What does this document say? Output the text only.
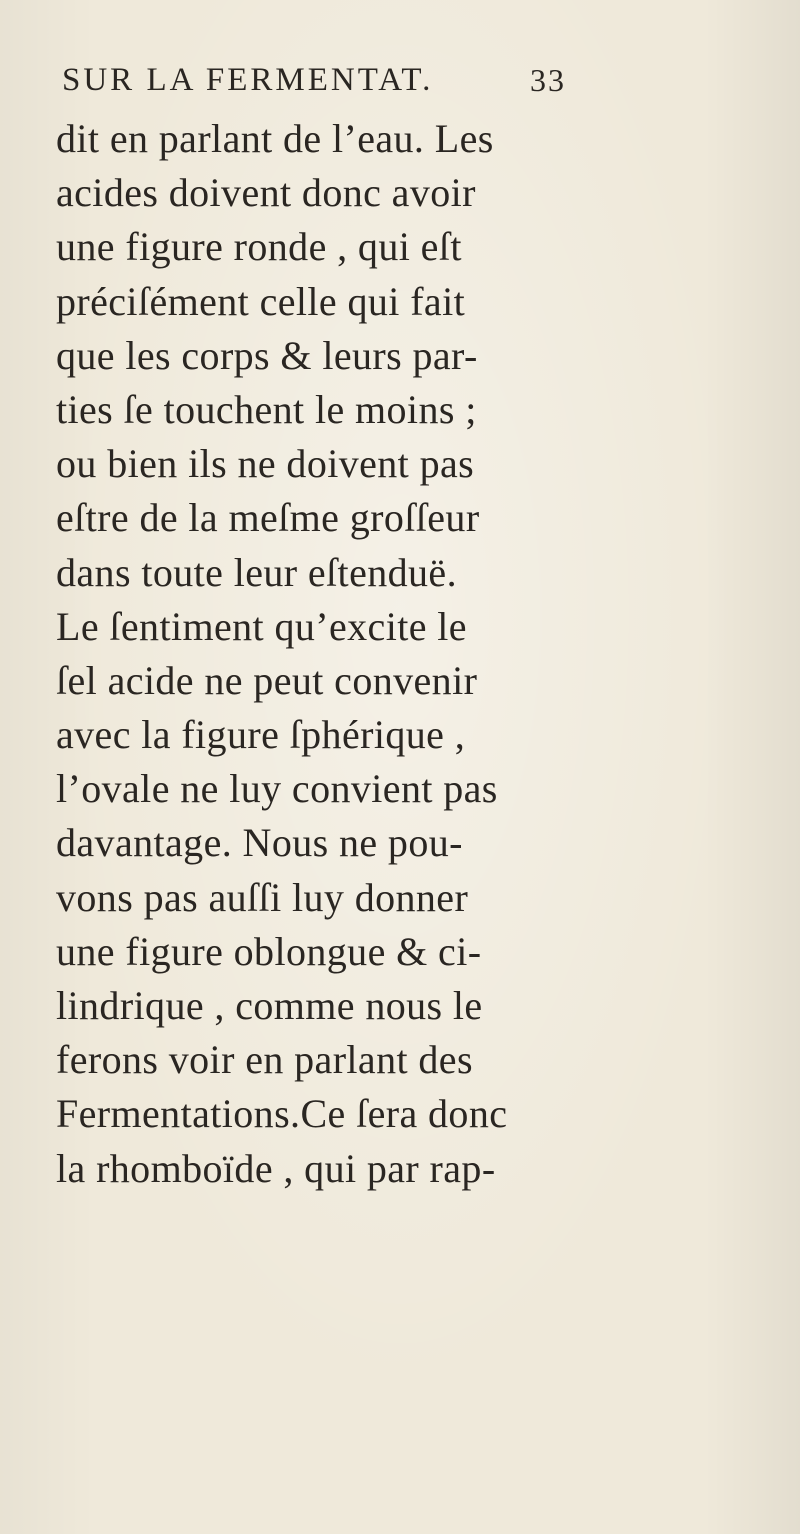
SUR LA FERMENTAT.	33
dit en parlant de l’eau. Les
acides doivent donc avoir
une figure ronde , qui eſt
préciſément celle qui fait
que les corps & leurs par-
ties ſe touchent le moins ;
ou bien ils ne doivent pas
eſtre de la meſme groſſeur
dans toute leur eſtenduë.
Le ſentiment qu’excite le
ſel acide ne peut convenir
avec la figure ſphérique ,
l’ovale ne luy convient pas
davantage. Nous ne pou-
vons pas auſſi luy donner
une figure oblongue & ci-
lindrique , comme nous le
ferons voir en parlant des
Fermentations.Ce ſera donc
la rhomboïde , qui par rap-
